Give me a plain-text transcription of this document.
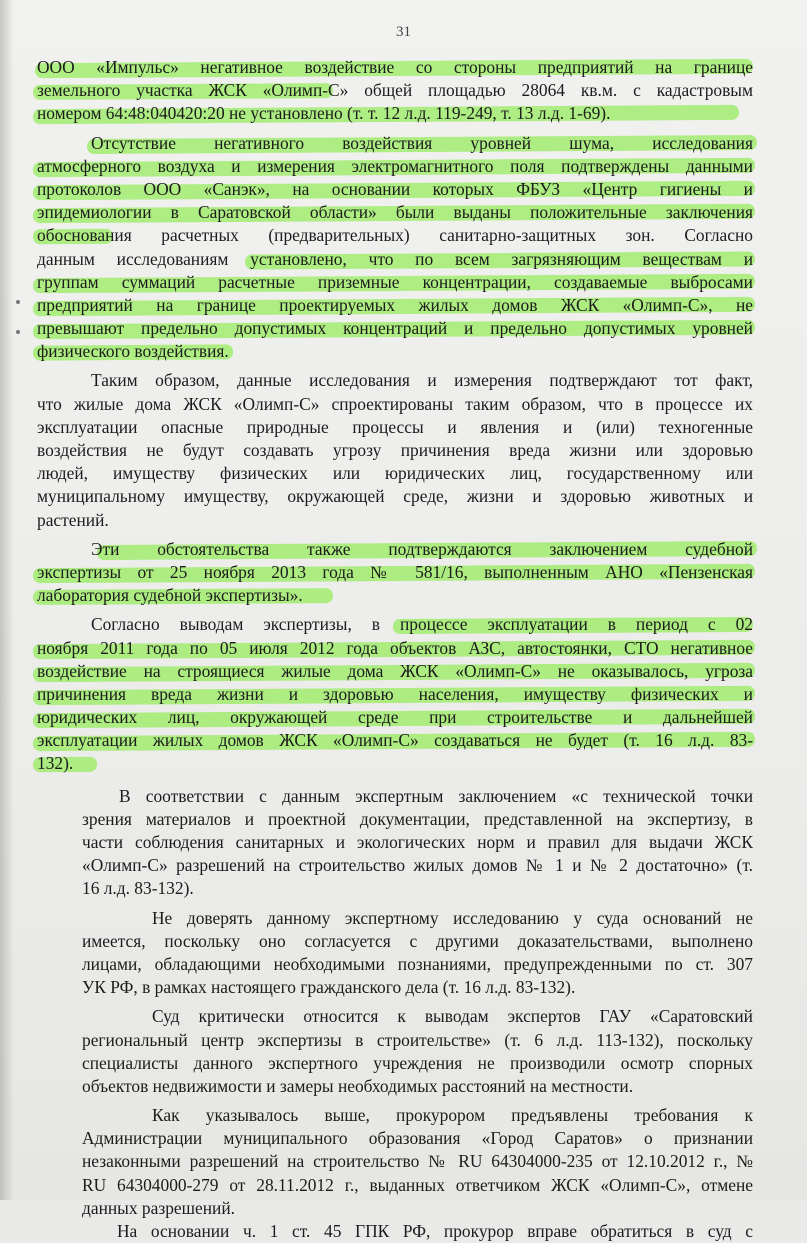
31
ООО «Импульс» негативное воздействие со стороны предприятий на границе
земельного участка ЖСК «Олимп-С» общей площадью 28064 кв.м. с кадастровым
номером 64:48:040420:20 не установлено (т. т. 12 л.д. 119-249, т. 13 л.д. 1-69).
Отсутствие негативного воздействия уровней шума, исследования
атмосферного воздуха и измерения электромагнитного поля подтверждены данными
протоколов ООО «Санэк», на основании которых ФБУЗ «Центр гигиены и
эпидемиологии в Саратовской области» были выданы положительные заключения
обоснования расчетных (предварительных) санитарно-защитных зон. Согласно
данным исследованиям установлено, что по всем загрязняющим веществам и
группам суммаций расчетные приземные концентрации, создаваемые выбросами
предприятий на границе проектируемых жилых домов ЖСК «Олимп-С», не
превышают предельно допустимых концентраций и предельно допустимых уровней
физического воздействия.
Таким образом, данные исследования и измерения подтверждают тот факт,
что жилые дома ЖСК «Олимп-С» спроектированы таким образом, что в процессе их
эксплуатации опасные природные процессы и явления и (или) техногенные
воздействия не будут создавать угрозу причинения вреда жизни или здоровью
людей, имуществу физических или юридических лиц, государственному или
муниципальному имуществу, окружающей среде, жизни и здоровью животных и
растений.
Эти обстоятельства также подтверждаются заключением судебной
экспертизы от 25 ноября 2013 года № 581/16, выполненным АНО «Пензенская
лаборатория судебной экспертизы».
Согласно выводам экспертизы, в процессе эксплуатации в период с 02
ноября 2011 года по 05 июля 2012 года объектов АЗС, автостоянки, СТО негативное
воздействие на строящиеся жилые дома ЖСК «Олимп-С» не оказывалось, угроза
причинения вреда жизни и здоровью населения, имуществу физических и
юридических лиц, окружающей среде при строительстве и дальнейшей
эксплуатации жилых домов ЖСК «Олимп-С» создаваться не будет (т. 16 л.д. 83-
132).
В соответствии с данным экспертным заключением «с технической точки
зрения материалов и проектной документации, представленной на экспертизу, в
части соблюдения санитарных и экологических норм и правил для выдачи ЖСК
«Олимп-С» разрешений на строительство жилых домов № 1 и № 2 достаточно» (т.
16 л.д. 83-132).
Не доверять данному экспертному исследованию у суда оснований не
имеется, поскольку оно согласуется с другими доказательствами, выполнено
лицами, обладающими необходимыми познаниями, предупрежденными по ст. 307
УК РФ, в рамках настоящего гражданского дела (т. 16 л.д. 83-132).
Суд критически относится к выводам экспертов ГАУ «Саратовский
региональный центр экспертизы в строительстве» (т. 6 л.д. 113-132), поскольку
специалисты данного экспертного учреждения не производили осмотр спорных
объектов недвижимости и замеры необходимых расстояний на местности.
Как указывалось выше, прокурором предъявлены требования к
Администрации муниципального образования «Город Саратов» о признании
незаконными разрешений на строительство № RU 64304000-235 от 12.10.2012 г., №
RU 64304000-279 от 28.11.2012 г., выданных ответчиком ЖСК «Олимп-С», отмене
данных разрешений.
На основании ч. 1 ст. 45 ГПК РФ, прокурор вправе обратиться в суд с
